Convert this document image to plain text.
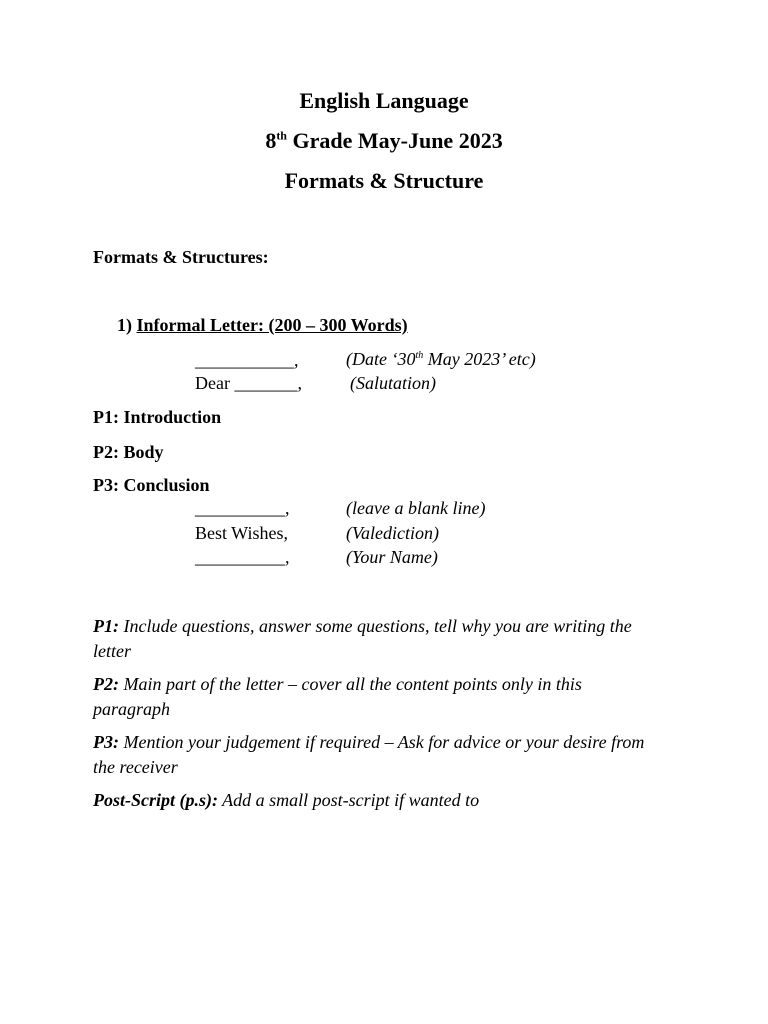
English Language
8th Grade May-June 2023
Formats & Structure
Formats & Structures:
1) Informal Letter: (200 – 300 Words)
___________,	(Date ‘30th May 2023’ etc)
Dear _______,	(Salutation)
P1: Introduction
P2: Body
P3: Conclusion
__________,	(leave a blank line)
Best Wishes,	(Valediction)
__________,	(Your Name)
P1: Include questions, answer some questions, tell why you are writing the letter
P2: Main part of the letter – cover all the content points only in this paragraph
P3: Mention your judgement if required – Ask for advice or your desire from the receiver
Post-Script (p.s): Add a small post-script if wanted to
